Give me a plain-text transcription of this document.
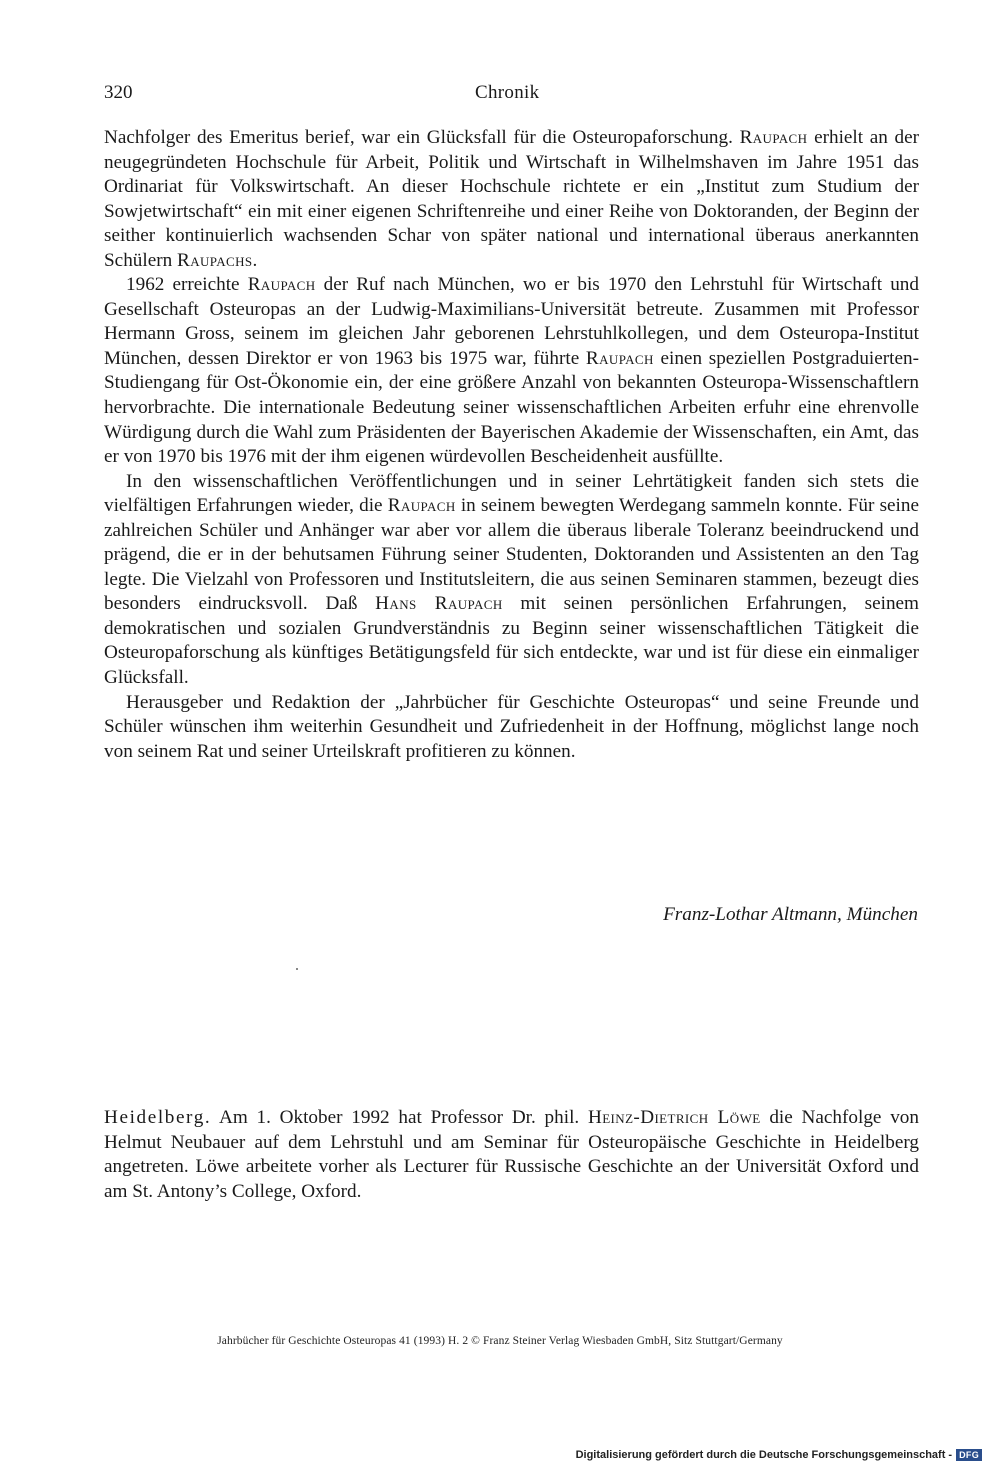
320	Chronik

Nachfolger des Emeritus berief, war ein Glücksfall für die Osteuropaforschung. Raupach erhielt an der neugegründeten Hochschule für Arbeit, Politik und Wirtschaft in Wilhelmshaven im Jahre 1951 das Ordinariat für Volkswirtschaft. An dieser Hochschule richtete er ein „Institut zum Studium der Sowjetwirtschaft“ ein mit einer eigenen Schriftenreihe und einer Reihe von Doktoranden, der Beginn der seither kontinuierlich wachsenden Schar von später national und international überaus anerkannten Schülern Raupachs.

1962 erreichte Raupach der Ruf nach München, wo er bis 1970 den Lehrstuhl für Wirtschaft und Gesellschaft Osteuropas an der Ludwig-Maximilians-Universität betreute. Zusammen mit Professor Hermann Gross, seinem im gleichen Jahr geborenen Lehrstuhlkollegen, und dem Osteuropa-Institut München, dessen Direktor er von 1963 bis 1975 war, führte Raupach einen speziellen Postgraduierten-Studiengang für Ost-Ökonomie ein, der eine größere Anzahl von bekannten Osteuropa-Wissenschaftlern hervorbrachte. Die internationale Bedeutung seiner wissenschaftlichen Arbeiten erfuhr eine ehrenvolle Würdigung durch die Wahl zum Präsidenten der Bayerischen Akademie der Wissenschaften, ein Amt, das er von 1970 bis 1976 mit der ihm eigenen würdevollen Bescheidenheit ausfüllte.

In den wissenschaftlichen Veröffentlichungen und in seiner Lehrtätigkeit fanden sich stets die vielfältigen Erfahrungen wieder, die Raupach in seinem bewegten Werdegang sammeln konnte. Für seine zahlreichen Schüler und Anhänger war aber vor allem die überaus liberale Toleranz beeindruckend und prägend, die er in der behutsamen Führung seiner Studenten, Doktoranden und Assistenten an den Tag legte. Die Vielzahl von Professoren und Institutsleitern, die aus seinen Seminaren stammen, bezeugt dies besonders eindrucksvoll. Daß Hans Raupach mit seinen persönlichen Erfahrungen, seinem demokratischen und sozialen Grundverständnis zu Beginn seiner wissenschaftlichen Tätigkeit die Osteuropaforschung als künftiges Betätigungsfeld für sich entdeckte, war und ist für diese ein einmaliger Glücksfall.

Herausgeber und Redaktion der „Jahrbücher für Geschichte Osteuropas“ und seine Freunde und Schüler wünschen ihm weiterhin Gesundheit und Zufriedenheit in der Hoffnung, möglichst lange noch von seinem Rat und seiner Urteilskraft profitieren zu können.

Franz-Lothar Altmann, München

Heidelberg. Am 1. Oktober 1992 hat Professor Dr. phil. Heinz-Dietrich Löwe die Nachfolge von Helmut Neubauer auf dem Lehrstuhl und am Seminar für Osteuropäische Geschichte in Heidelberg angetreten. Löwe arbeitete vorher als Lecturer für Russische Geschichte an der Universität Oxford und am St. Antony’s College, Oxford.

Jahrbücher für Geschichte Osteuropas 41 (1993) H. 2 © Franz Steiner Verlag Wiesbaden GmbH, Sitz Stuttgart/Germany
Digitalisierung gefördert durch die Deutsche Forschungsgemeinschaft - DFG
